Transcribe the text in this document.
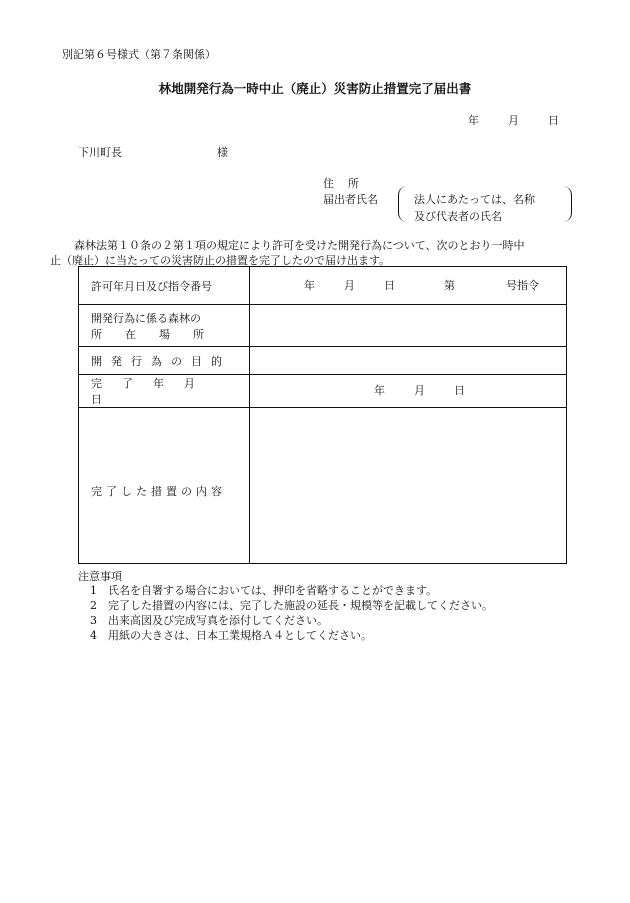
別記第６号様式（第７条関係）
林地開発行為一時中止（廃止）災害防止措置完了届出書
年	月	日
下川町長	様
住所
届出者氏名	法人にあたっては、名称
及び代表者の氏名

森林法第１０条の２第１項の規定により許可を受けた開発行為について、次のとおり一時中

止（廃止）に当たっての災害防止の措置を完了したので届け出ます。

許可年月日及び指令番号	年 月 日 第 号指令

開発行為に係る森林の
所在場所	

開発行為の目的	
完了年月日	年 月 日

完了した措置の内容	
注意事項
1 氏名を自署する場合においては、押印を省略することができます。
2 完了した措置の内容には、完了した施設の延長・規模等を記載してください。
3 出来高図及び完成写真を添付してください。
4 用紙の大きさは、日本工業規格Ａ４としてください。
